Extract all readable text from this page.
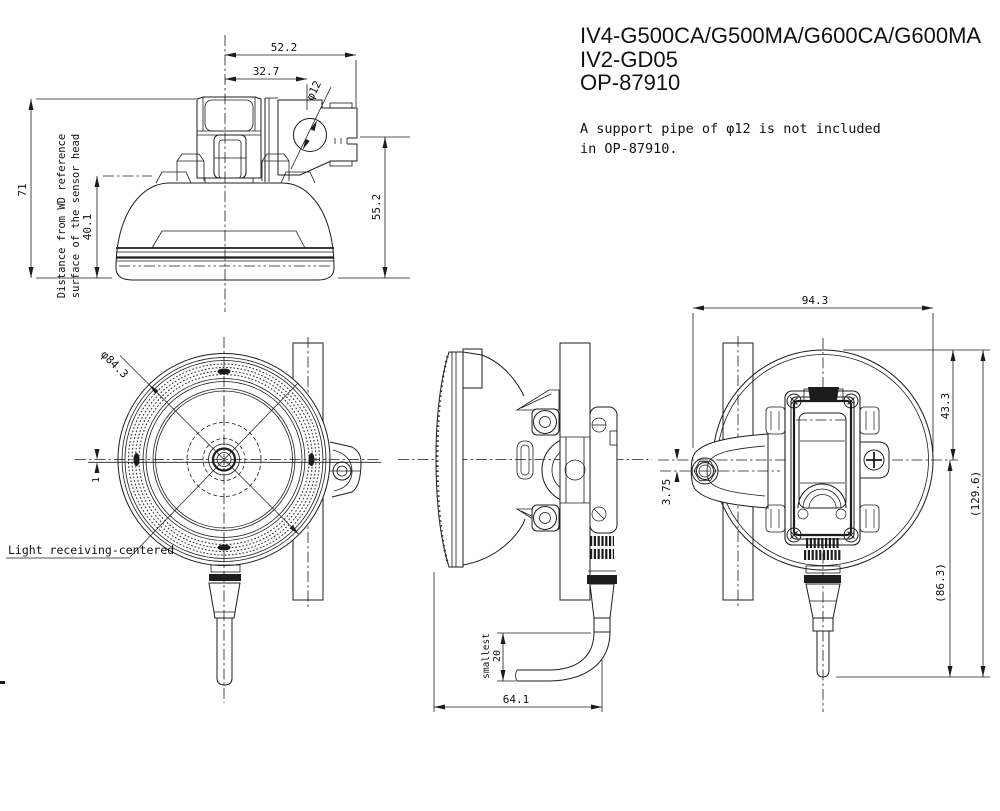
IV4-G500CA/G500MA/G600CA/G600MA
IV2-GD05
OP-87910
A support pipe of φ12 is not included
in OP-87910.
52.2
32.7
φ12
71
40.1
55.2
Distance from WD reference surface of the sensor head
φ84.3
1
Light receiving-centered
smallest 20
64.1
94.3
43.3
(129.6)
(86.3)
3.75
